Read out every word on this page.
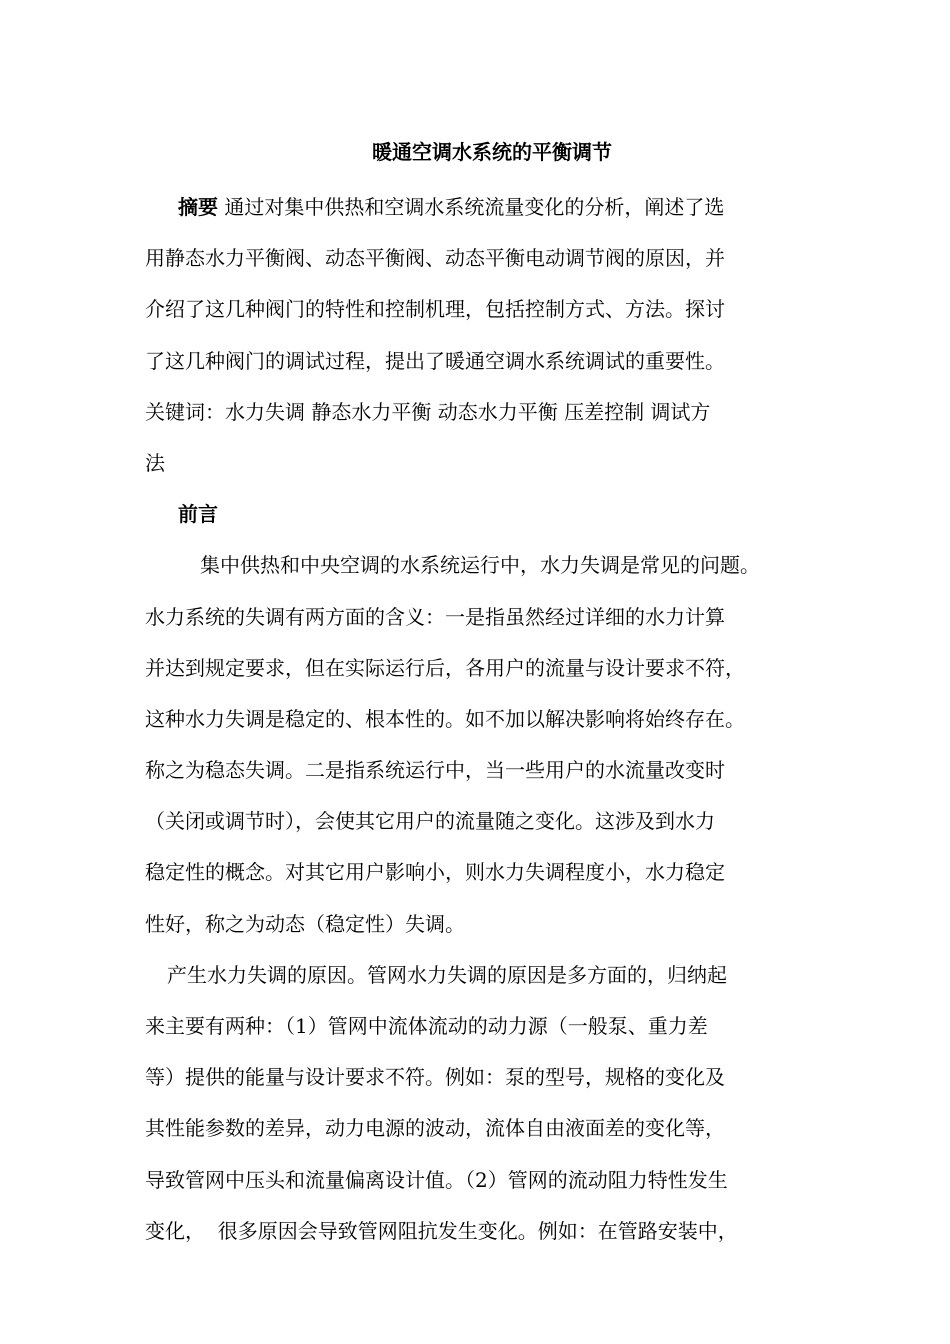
暖通空调水系统的平衡调节
摘要 通过对集中供热和空调水系统流量变化的分析，阐述了选
用静态水力平衡阀、动态平衡阀、动态平衡电动调节阀的原因，并
介绍了这几种阀门的特性和控制机理，包括控制方式、方法。探讨
了这几种阀门的调试过程，提出了暖通空调水系统调试的重要性。
关键词：水力失调 静态水力平衡 动态水力平衡 压差控制 调试方
法
前言
集中供热和中央空调的水系统运行中，水力失调是常见的问题。
水力系统的失调有两方面的含义：一是指虽然经过详细的水力计算
并达到规定要求，但在实际运行后，各用户的流量与设计要求不符，
这种水力失调是稳定的、根本性的。如不加以解决影响将始终存在。
称之为稳态失调。二是指系统运行中，当一些用户的水流量改变时
（关闭或调节时），会使其它用户的流量随之变化。这涉及到水力
稳定性的概念。对其它用户影响小，则水力失调程度小，水力稳定
性好，称之为动态（稳定性）失调。
产生水力失调的原因。管网水力失调的原因是多方面的，归纳起
来主要有两种：（1）管网中流体流动的动力源（一般泵、重力差
等）提供的能量与设计要求不符。例如：泵的型号，规格的变化及
其性能参数的差异，动力电源的波动，流体自由液面差的变化等，
导致管网中压头和流量偏离设计值。（2）管网的流动阻力特性发生
变化，  很多原因会导致管网阻抗发生变化。例如：在管路安装中，
